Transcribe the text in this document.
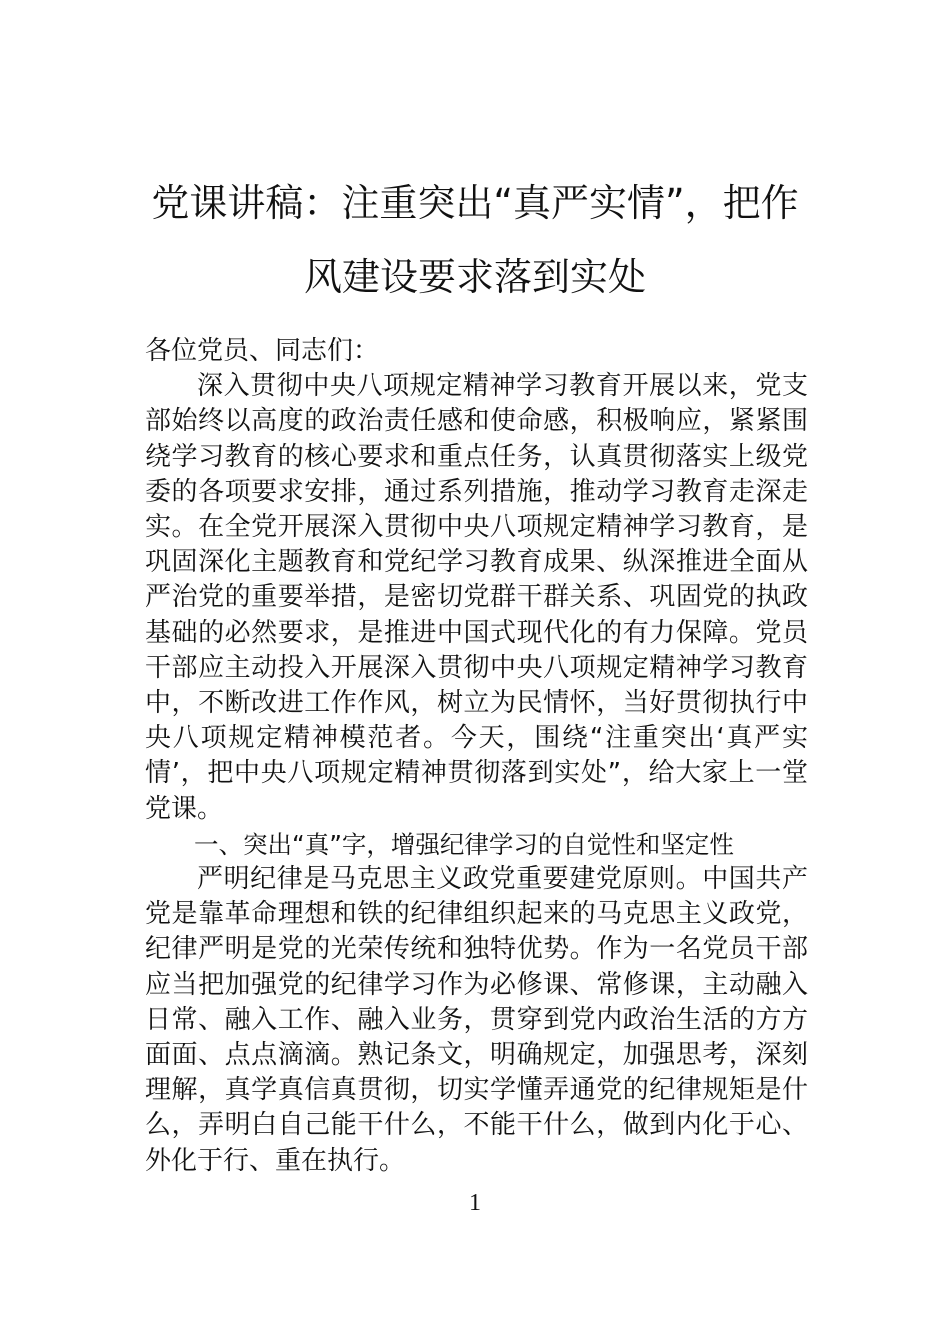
党课讲稿：注重突出“真严实情”，把作
风建设要求落到实处

各位党员、同志们：

深入贯彻中央八项规定精神学习教育开展以来，党支部始终以高度的政治责任感和使命感，积极响应，紧紧围绕学习教育的核心要求和重点任务，认真贯彻落实上级党委的各项要求安排，通过系列措施，推动学习教育走深走实。在全党开展深入贯彻中央八项规定精神学习教育，是巩固深化主题教育和党纪学习教育成果、纵深推进全面从严治党的重要举措，是密切党群干群关系、巩固党的执政基础的必然要求，是推进中国式现代化的有力保障。党员干部应主动投入开展深入贯彻中央八项规定精神学习教育中，不断改进工作作风，树立为民情怀，当好贯彻执行中央八项规定精神模范者。今天，围绕“注重突出‘真严实情’，把中央八项规定精神贯彻落到实处”，给大家上一堂党课。

一、突出“真”字，增强纪律学习的自觉性和坚定性

严明纪律是马克思主义政党重要建党原则。中国共产党是靠革命理想和铁的纪律组织起来的马克思主义政党，纪律严明是党的光荣传统和独特优势。作为一名党员干部应当把加强党的纪律学习作为必修课、常修课，主动融入日常、融入工作、融入业务，贯穿到党内政治生活的方方面面、点点滴滴。熟记条文，明确规定，加强思考，深刻理解，真学真信真贯彻，切实学懂弄通党的纪律规矩是什么，弄明白自己能干什么，不能干什么，做到内化于心、外化于行、重在执行。

1
